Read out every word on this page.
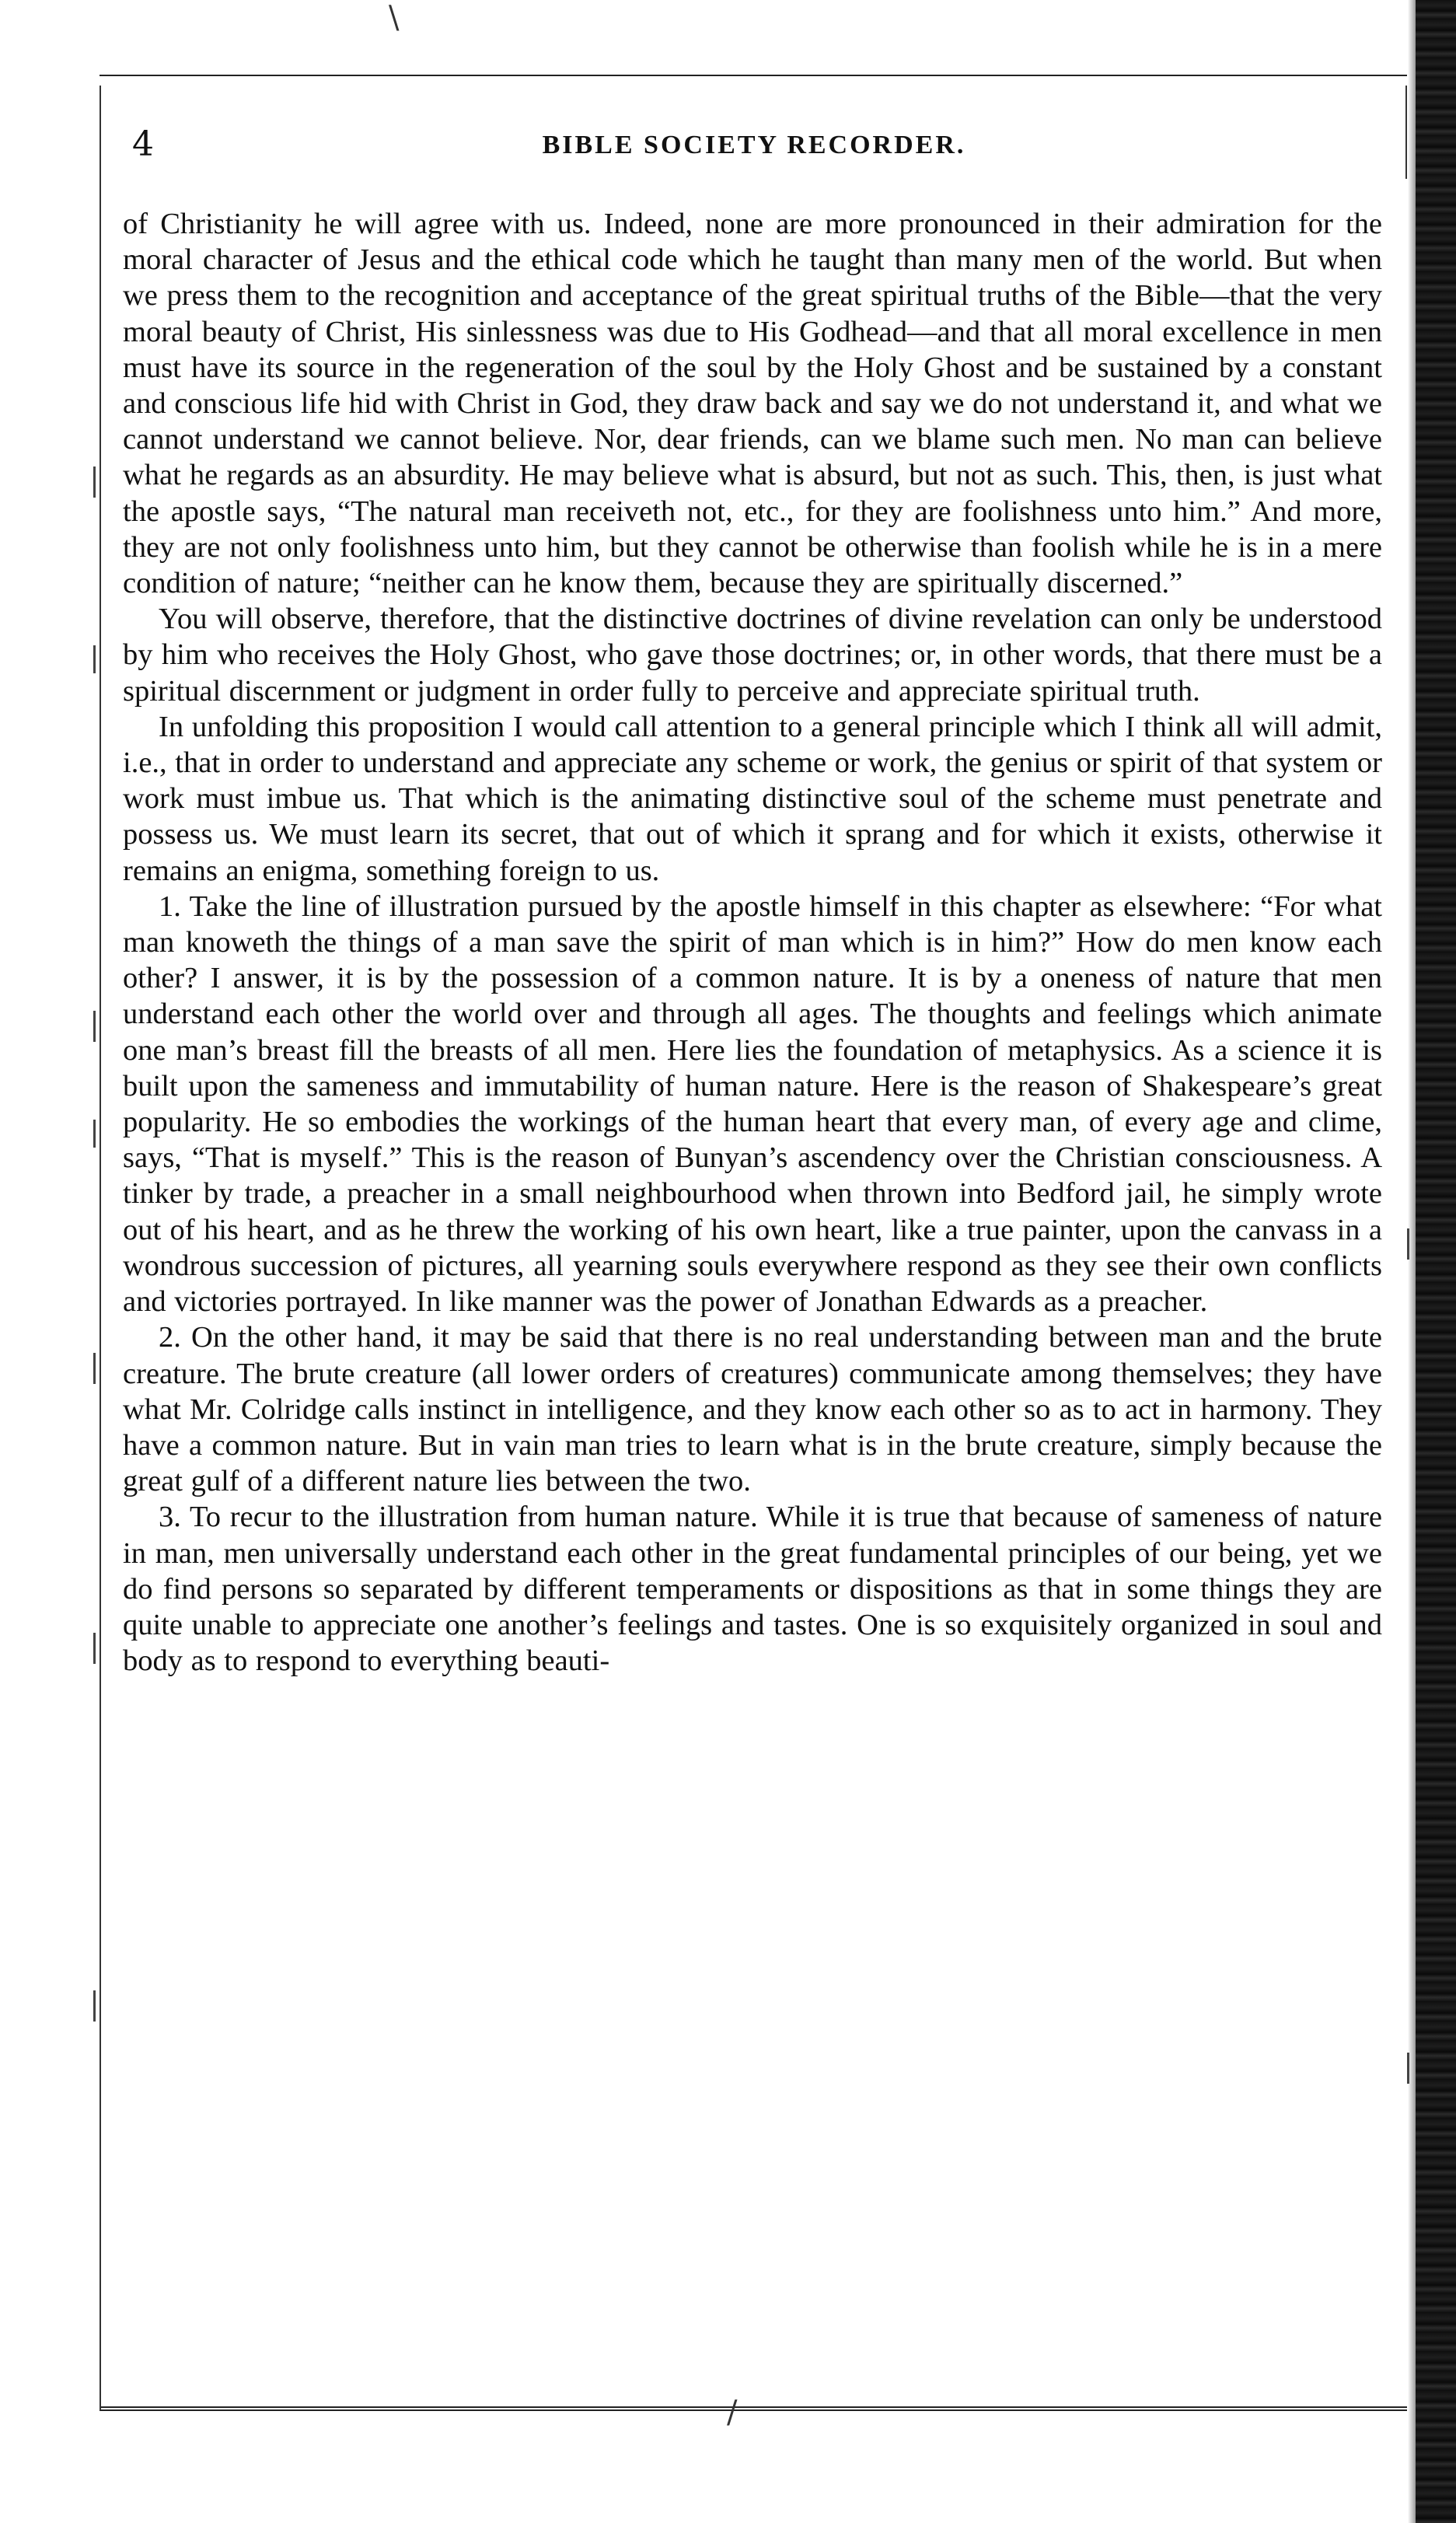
\
/
4	BIBLE SOCIETY RECORDER.

of Christianity he will agree with us. Indeed, none are more pronounced in their admiration for the moral character of Jesus and the ethical code which he taught than many men of the world. But when we press them to the recognition and acceptance of the great spiritual truths of the Bible—that the very moral beauty of Christ, His sinlessness was due to His Godhead—and that all moral excellence in men must have its source in the regeneration of the soul by the Holy Ghost and be sustained by a constant and conscious life hid with Christ in God, they draw back and say we do not understand it, and what we cannot understand we cannot believe. Nor, dear friends, can we blame such men. No man can believe what he regards as an absurdity. He may believe what is absurd, but not as such. This, then, is just what the apostle says, “The natural man receiveth not, etc., for they are foolishness unto him.” And more, they are not only foolishness unto him, but they cannot be otherwise than foolish while he is in a mere condition of nature; “neither can he know them, because they are spiritually discerned.”

You will observe, therefore, that the distinctive doctrines of divine revelation can only be understood by him who receives the Holy Ghost, who gave those doctrines; or, in other words, that there must be a spiritual discernment or judgment in order fully to perceive and appreciate spiritual truth.

In unfolding this proposition I would call attention to a general principle which I think all will admit, i.e., that in order to understand and appreciate any scheme or work, the genius or spirit of that system or work must imbue us. That which is the animating distinctive soul of the scheme must penetrate and possess us. We must learn its secret, that out of which it sprang and for which it exists, otherwise it remains an enigma, something foreign to us.

1. Take the line of illustration pursued by the apostle himself in this chapter as elsewhere: “For what man knoweth the things of a man save the spirit of man which is in him?” How do men know each other? I answer, it is by the possession of a common nature. It is by a oneness of nature that men understand each other the world over and through all ages. The thoughts and feelings which animate one man’s breast fill the breasts of all men. Here lies the foundation of metaphysics. As a science it is built upon the sameness and immutability of human nature. Here is the reason of Shakespeare’s great popularity. He so embodies the workings of the human heart that every man, of every age and clime, says, “That is myself.” This is the reason of Bunyan’s ascendency over the Christian consciousness. A tinker by trade, a preacher in a small neighbourhood when thrown into Bedford jail, he simply wrote out of his heart, and as he threw the working of his own heart, like a true painter, upon the canvass in a wondrous succession of pictures, all yearning souls everywhere respond as they see their own conflicts and victories portrayed. In like manner was the power of Jonathan Edwards as a preacher.

2. On the other hand, it may be said that there is no real understanding between man and the brute creature. The brute creature (all lower orders of creatures) communicate among themselves; they have what Mr. Colridge calls instinct in intelligence, and they know each other so as to act in harmony. They have a common nature. But in vain man tries to learn what is in the brute creature, simply because the great gulf of a different nature lies between the two.

3. To recur to the illustration from human nature. While it is true that because of sameness of nature in man, men universally understand each other in the great fundamental principles of our being, yet we do find persons so separated by different temperaments or dispositions as that in some things they are quite unable to appreciate one another’s feelings and tastes. One is so exquisitely organized in soul and body as to respond to everything beauti-
